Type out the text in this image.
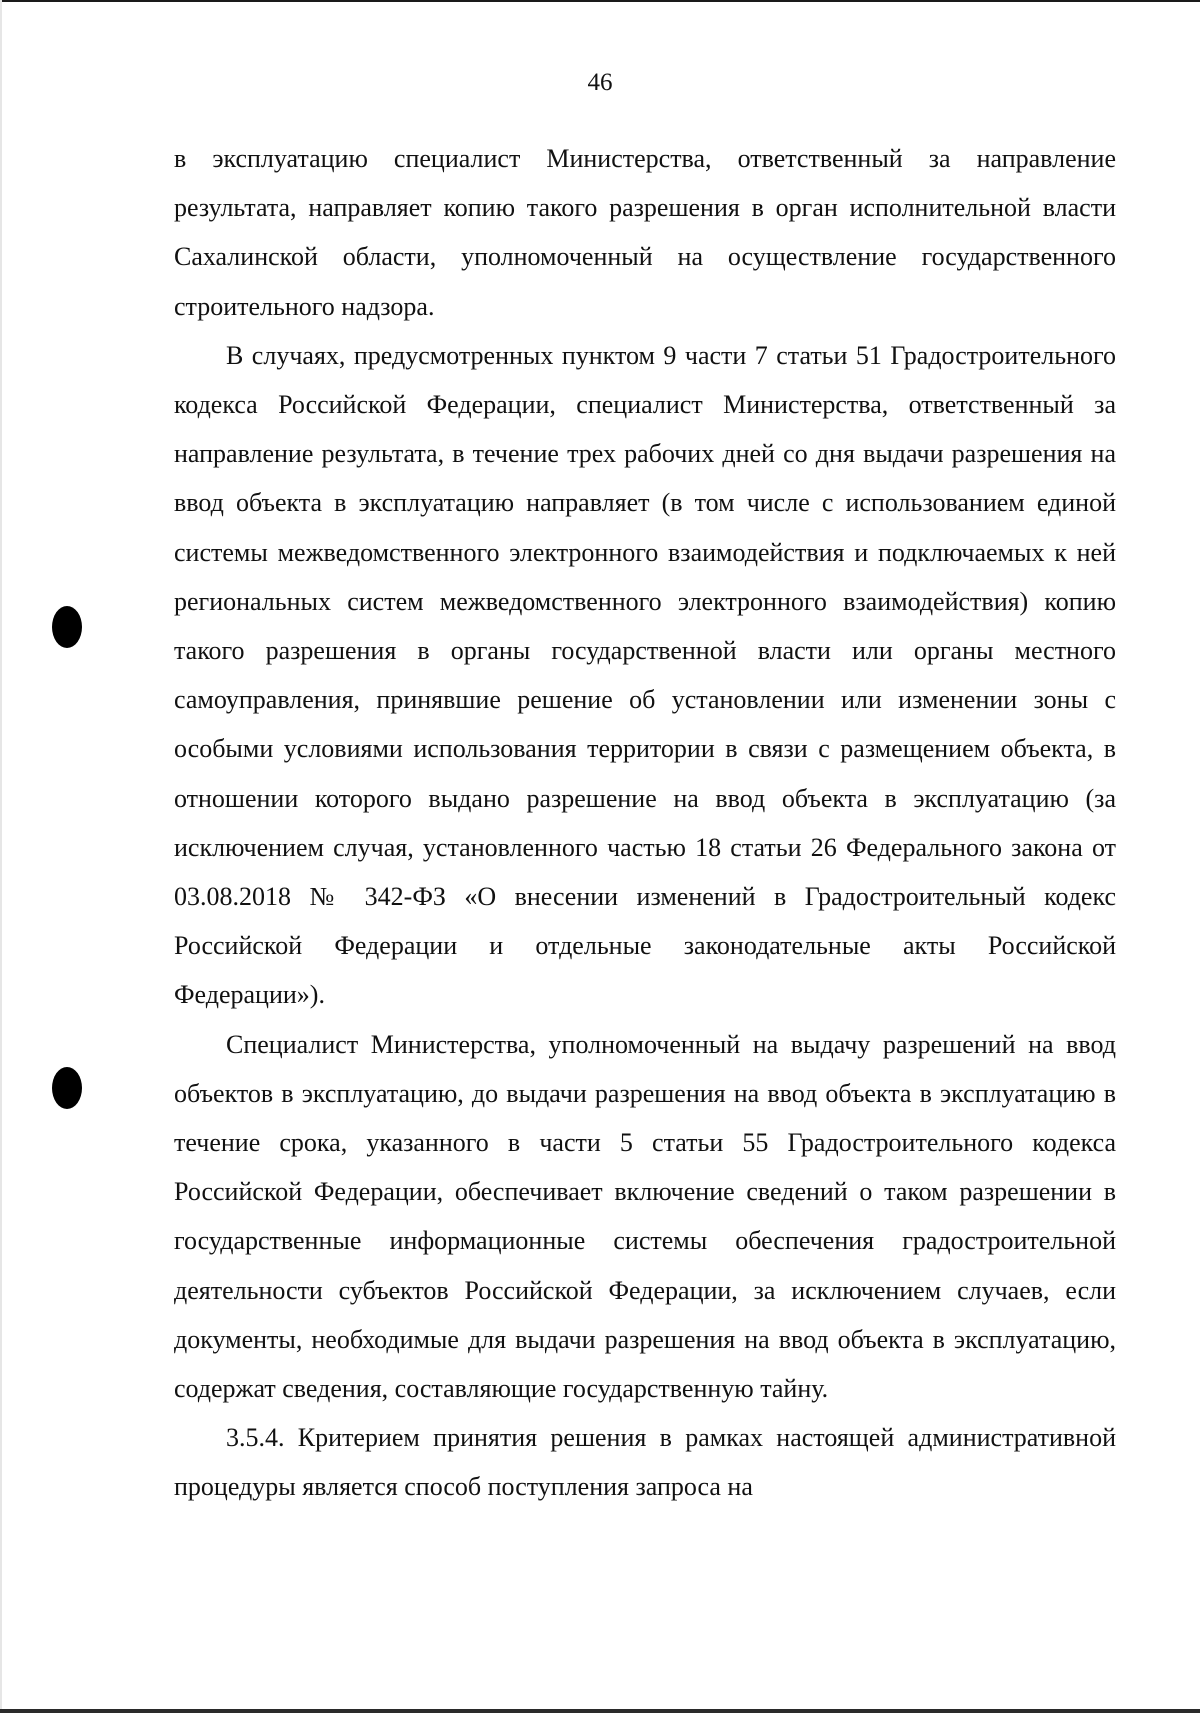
46

в эксплуатацию специалист Министерства, ответственный за направление результата, направляет копию такого разрешения в орган исполнительной власти Сахалинской области, уполномоченный на осуществление государственного строительного надзора.

В случаях, предусмотренных пунктом 9 части 7 статьи 51 Градостроительного кодекса Российской Федерации, специалист Министерства, ответственный за направление результата, в течение трех рабочих дней со дня выдачи разрешения на ввод объекта в эксплуатацию направляет (в том числе с использованием единой системы межведомственного электронного взаимодействия и подключаемых к ней региональных систем межведомственного электронного взаимодействия) копию такого разрешения в органы государственной власти или органы местного самоуправления, принявшие решение об установлении или изменении зоны с особыми условиями использования территории в связи с размещением объекта, в отношении которого выдано разрешение на ввод объекта в эксплуатацию (за исключением случая, установленного частью 18 статьи 26 Федерального закона от 03.08.2018 № 342-ФЗ «О внесении изменений в Градостроительный кодекс Российской Федерации и отдельные законодательные акты Российской Федерации»).

Специалист Министерства, уполномоченный на выдачу разрешений на ввод объектов в эксплуатацию, до выдачи разрешения на ввод объекта в эксплуатацию в течение срока, указанного в части 5 статьи 55 Градостроительного кодекса Российской Федерации, обеспечивает включение сведений о таком разрешении в государственные информационные системы обеспечения градостроительной деятельности субъектов Российской Федерации, за исключением случаев, если документы, необходимые для выдачи разрешения на ввод объекта в эксплуатацию, содержат сведения, составляющие государственную тайну.

3.5.4. Критерием принятия решения в рамках настоящей административной процедуры является способ поступления запроса на
